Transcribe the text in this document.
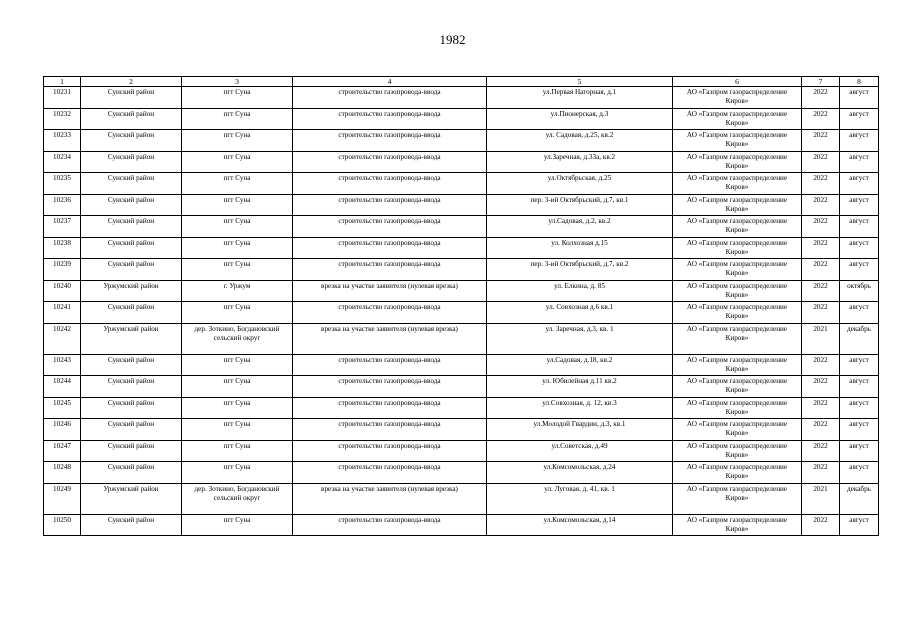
1982
1	2	3	4	5	6	7	8
10231	Сунский район	пгт Суна	строительство газопровода-ввода	ул.Первая Нагорная, д.1	АО «Газпром газораспределение Киров»	2022	август
10232	Сунский район	пгт Суна	строительство газопровода-ввода	ул.Пионерская, д.3	АО «Газпром газораспределение Киров»	2022	август
10233	Сунский район	пгт Суна	строительство газопровода-ввода	ул. Садовая, д.25, кв.2	АО «Газпром газораспределение Киров»	2022	август
10234	Сунский район	пгт Суна	строительство газопровода-ввода	ул.Заречная, д.33а, кв.2	АО «Газпром газораспределение Киров»	2022	август
10235	Сунский район	пгт Суна	строительство газопровода-ввода	ул.Октябрьская, д.25	АО «Газпром газораспределение Киров»	2022	август
10236	Сунский район	пгт Суна	строительство газопровода-ввода	пер. 3-ий Октябрьский, д.7, кв.1	АО «Газпром газораспределение Киров»	2022	август
10237	Сунский район	пгт Суна	строительство газопровода-ввода	ул.Садовая, д.2, кв.2	АО «Газпром газораспределение Киров»	2022	август
10238	Сунский район	пгт Суна	строительство газопровода-ввода	ул. Колхозная д.15	АО «Газпром газораспределение Киров»	2022	август
10239	Сунский район	пгт Суна	строительство газопровода-ввода	пер. 3-ий Октябрьский, д.7, кв.2	АО «Газпром газораспределение Киров»	2022	август
10240	Уржумский район	г. Уржум	врезка на участке заявителя (нулевая врезка)	ул. Елкина, д. 85	АО «Газпром газораспределение Киров»	2022	октябрь
10241	Сунский район	пгт Суна	строительство газопровода-ввода	ул. Совхозная д.6 кв.1	АО «Газпром газораспределение Киров»	2022	август
10242	Уржумский район	дер. Зоткино, Богдановский сельский округ	врезка на участке заявителя (нулевая врезка)	ул. Заречная, д.3, кв. 1	АО «Газпром газораспределение Киров»	2021	декабрь
10243	Сунский район	пгт Суна	строительство газопровода-ввода	ул.Садовая, д.18, кв.2	АО «Газпром газораспределение Киров»	2022	август
10244	Сунский район	пгт Суна	строительство газопровода-ввода	ул. Юбилейная д.11 кв.2	АО «Газпром газораспределение Киров»	2022	август
10245	Сунский район	пгт Суна	строительство газопровода-ввода	ул.Совхозная, д. 12, кв.3	АО «Газпром газораспределение Киров»	2022	август
10246	Сунский район	пгт Суна	строительство газопровода-ввода	ул.Молодой Гвардии, д.3, кв.1	АО «Газпром газораспределение Киров»	2022	август
10247	Сунский район	пгт Суна	строительство газопровода-ввода	ул.Советская, д.49	АО «Газпром газораспределение Киров»	2022	август
10248	Сунский район	пгт Суна	строительство газопровода-ввода	ул.Комсомольская, д.24	АО «Газпром газораспределение Киров»	2022	август
10249	Уржумский район	дер. Зоткино, Богдановский сельский округ	врезка на участке заявителя (нулевая врезка)	ул. Луговая, д. 41, кв. 1	АО «Газпром газораспределение Киров»	2021	декабрь
10250	Сунский район	пгт Суна	строительство газопровода-ввода	ул.Комсомольская, д.14	АО «Газпром газораспределение Киров»	2022	август
